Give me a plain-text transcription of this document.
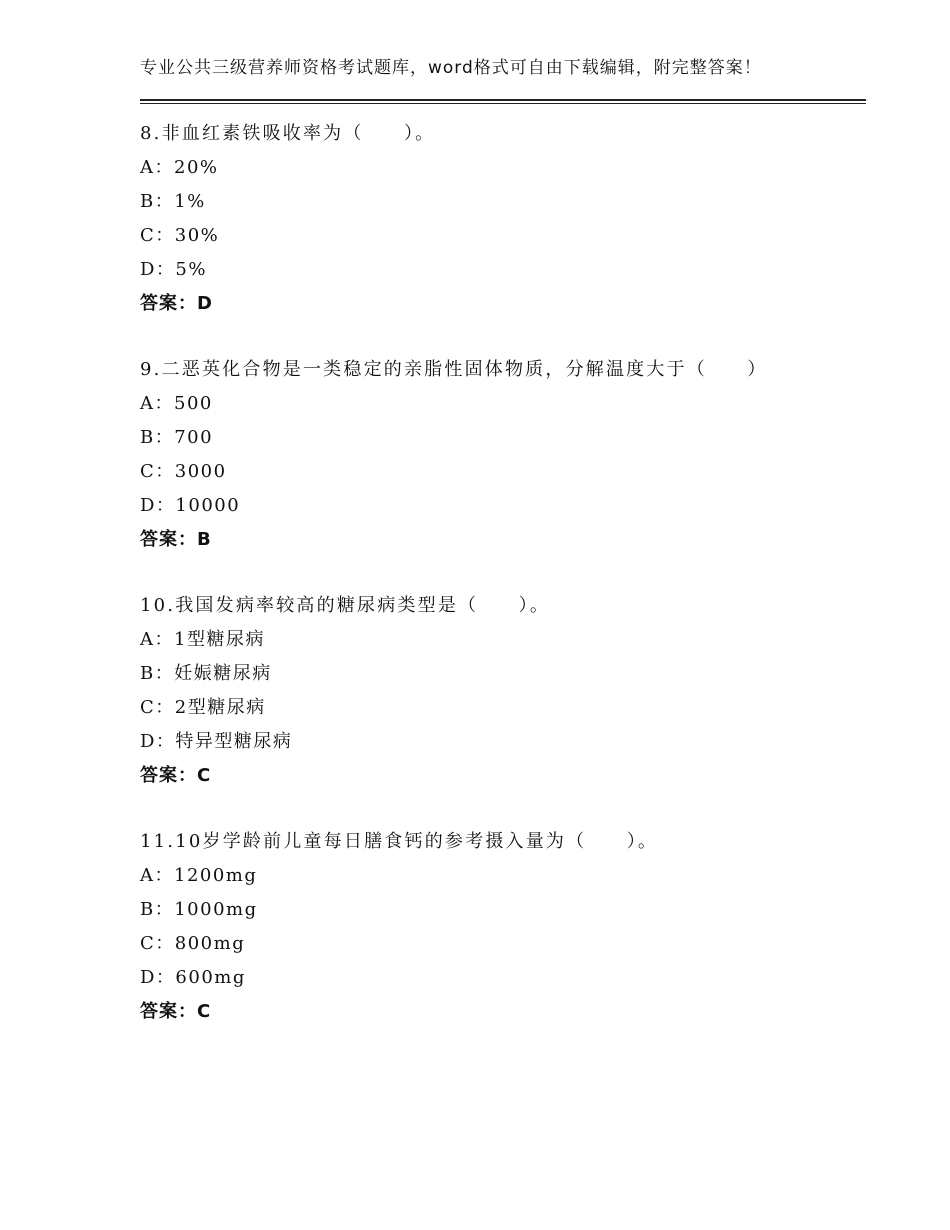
专业公共三级营养师资格考试题库，word格式可自由下载编辑，附完整答案！
8.非血红素铁吸收率为（　　）。
A：20%
B：1%
C：30%
D：5%
答案：D
9.二恶英化合物是一类稳定的亲脂性固体物质，分解温度大于（　　）
A：500
B：700
C：3000
D：10000
答案：B
10.我国发病率较高的糖尿病类型是（　　）。
A：1型糖尿病
B：妊娠糖尿病
C：2型糖尿病
D：特异型糖尿病
答案：C
11.10岁学龄前儿童每日膳食钙的参考摄入量为（　　）。
A：1200mg
B：1000mg
C：800mg
D：600mg
答案：C
